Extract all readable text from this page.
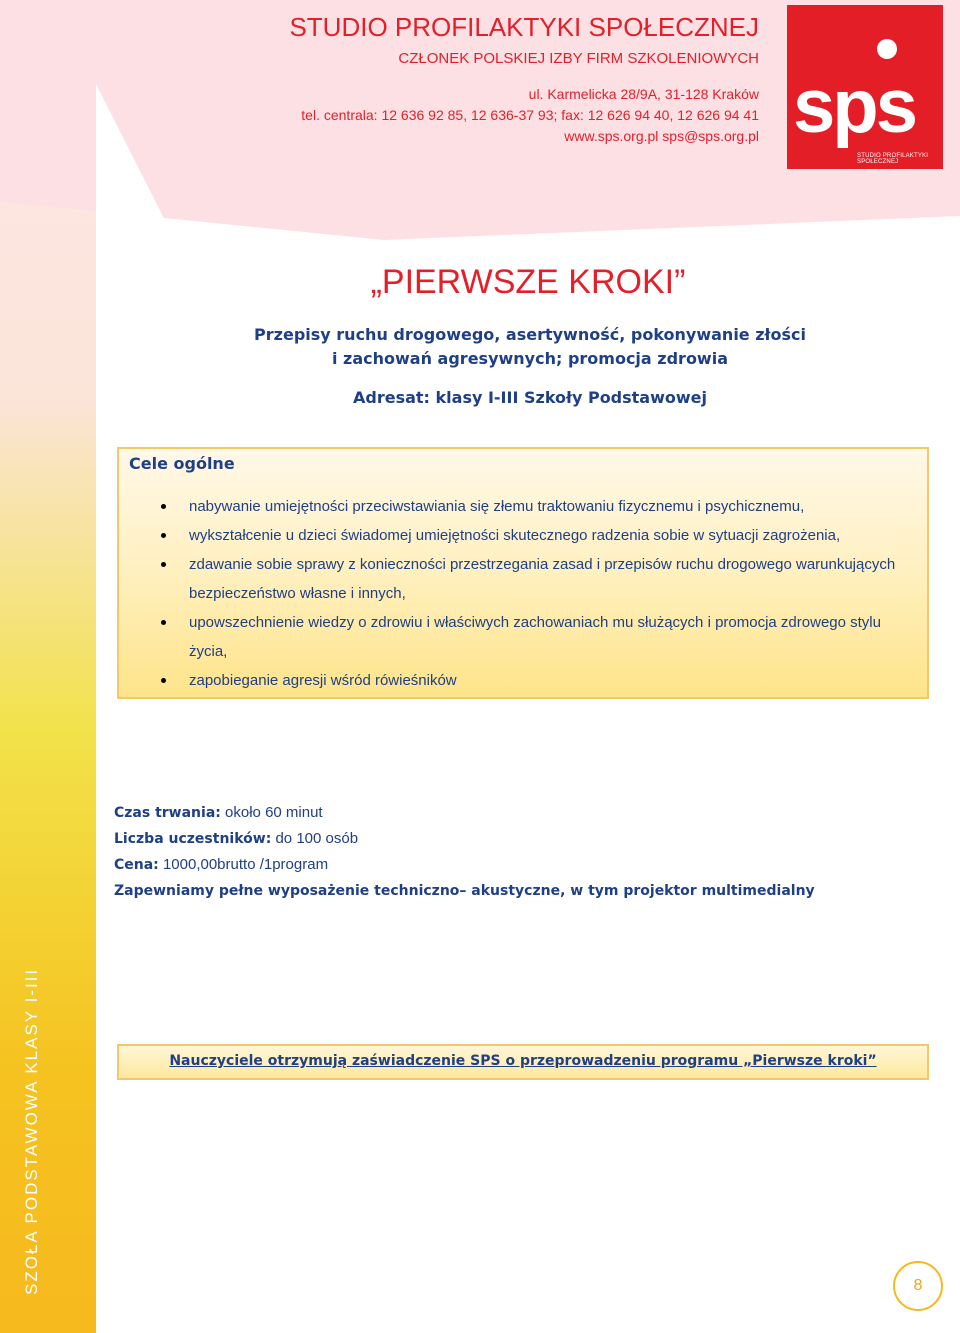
STUDIO PROFILAKTYKI SPOŁECZNEJ
CZŁONEK POLSKIEJ IZBY FIRM SZKOLENIOWYCH
ul. Karmelicka 28/9A, 31-128 Kraków
tel. centrala: 12 636 92 85, 12 636-37 93; fax: 12 626 94 40, 12 626 94 41
www.sps.org.pl sps@sps.org.pl sps
STUDIO PROFILAKTYKI SPOŁECZNEJ
„PIERWSZE KROKI”
Przepisy ruchu drogowego, asertywność, pokonywanie złości
i zachowań agresywnych; promocja zdrowia
Adresat: klasy I-III Szkoły Podstawowej
Cele ogólne
nabywanie umiejętności przeciwstawiania się złemu traktowaniu fizycznemu i psychicznemu,
wykształcenie u dzieci świadomej umiejętności skutecznego radzenia sobie w sytuacji zagrożenia,
zdawanie sobie sprawy z konieczności przestrzegania zasad i przepisów ruchu drogowego warunkujących bezpieczeństwo własne i innych,
upowszechnienie wiedzy o zdrowiu i właściwych zachowaniach mu służących i promocja zdrowego stylu życia,
zapobieganie agresji wśród rówieśników
Czas trwania: około 60 minut
Liczba uczestników: do 100 osób
Cena: 1000,00brutto /1program
Zapewniamy pełne wyposażenie techniczno– akustyczne, w tym projektor multimedialny
Nauczyciele otrzymują zaświadczenie SPS o przeprowadzeniu programu „Pierwsze kroki”
SZOŁA PODSTAWOWA KLASY I-III	8
